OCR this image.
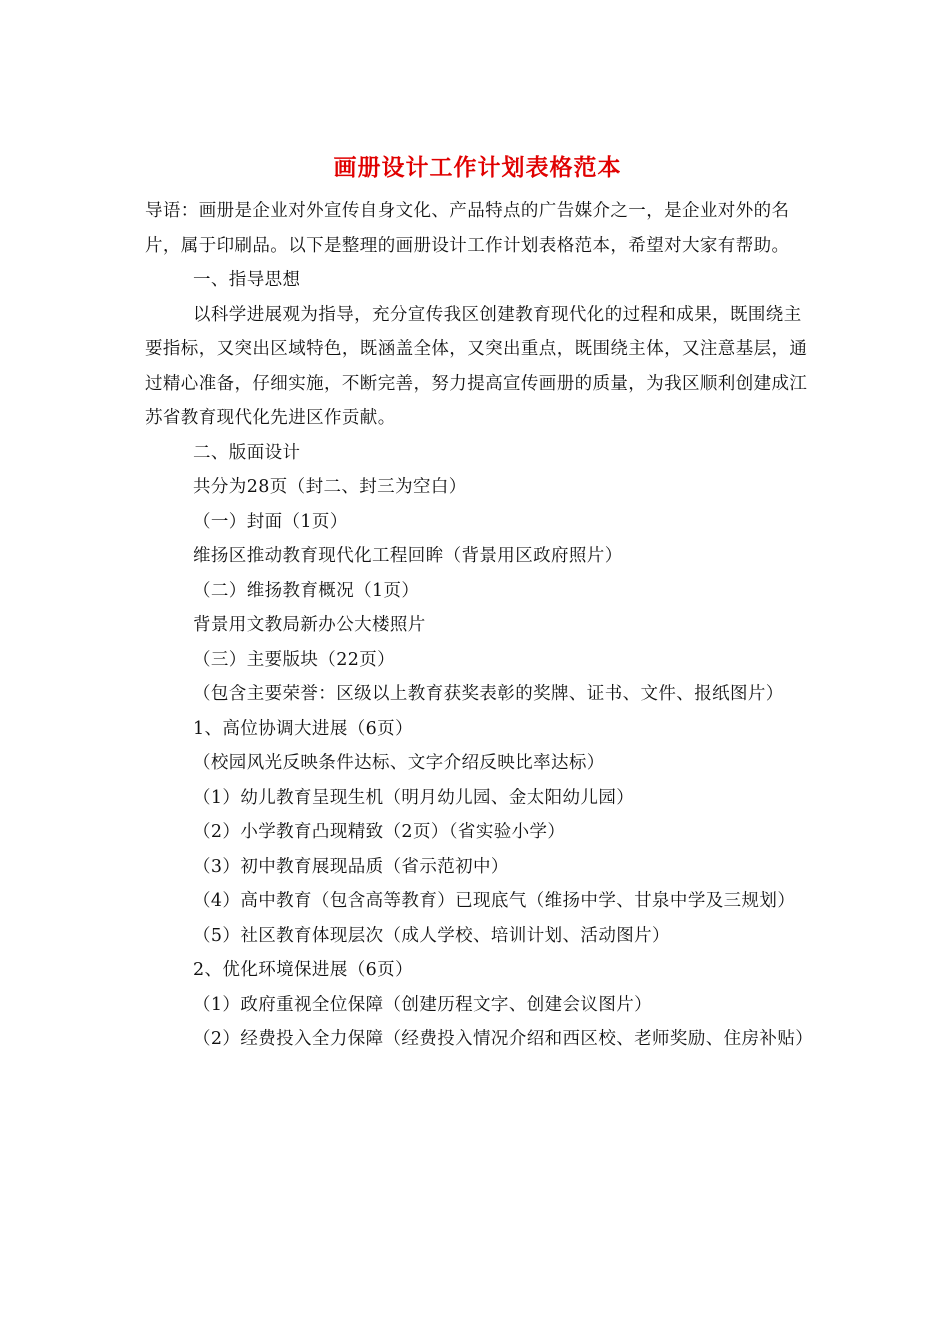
画册设计工作计划表格范本

导语：画册是企业对外宣传自身文化、产品特点的广告媒介之一，是企业对外的名片，属于印刷品。以下是整理的画册设计工作计划表格范本，希望对大家有帮助。

一、指导思想

以科学进展观为指导，充分宣传我区创建教育现代化的过程和成果，既围绕主要指标，又突出区域特色，既涵盖全体，又突出重点，既围绕主体，又注意基层，通过精心准备，仔细实施，不断完善，努力提高宣传画册的质量，为我区顺利创建成江苏省教育现代化先进区作贡献。

二、版面设计

共分为28页（封二、封三为空白）

（一）封面（1页）

维扬区推动教育现代化工程回眸（背景用区政府照片）

（二）维扬教育概况（1页）

背景用文教局新办公大楼照片

（三）主要版块（22页）

（包含主要荣誉：区级以上教育获奖表彰的奖牌、证书、文件、报纸图片）

1、高位协调大进展（6页）

（校园风光反映条件达标、文字介绍反映比率达标）

（1）幼儿教育呈现生机（明月幼儿园、金太阳幼儿园）

（2）小学教育凸现精致（2页）（省实验小学）

（3）初中教育展现品质（省示范初中）

（4）高中教育（包含高等教育）已现底气（维扬中学、甘泉中学及三规划）

（5）社区教育体现层次（成人学校、培训计划、活动图片）

2、优化环境保进展（6页）

（1）政府重视全位保障（创建历程文字、创建会议图片）

（2）经费投入全力保障（经费投入情况介绍和西区校、老师奖励、住房补贴）
